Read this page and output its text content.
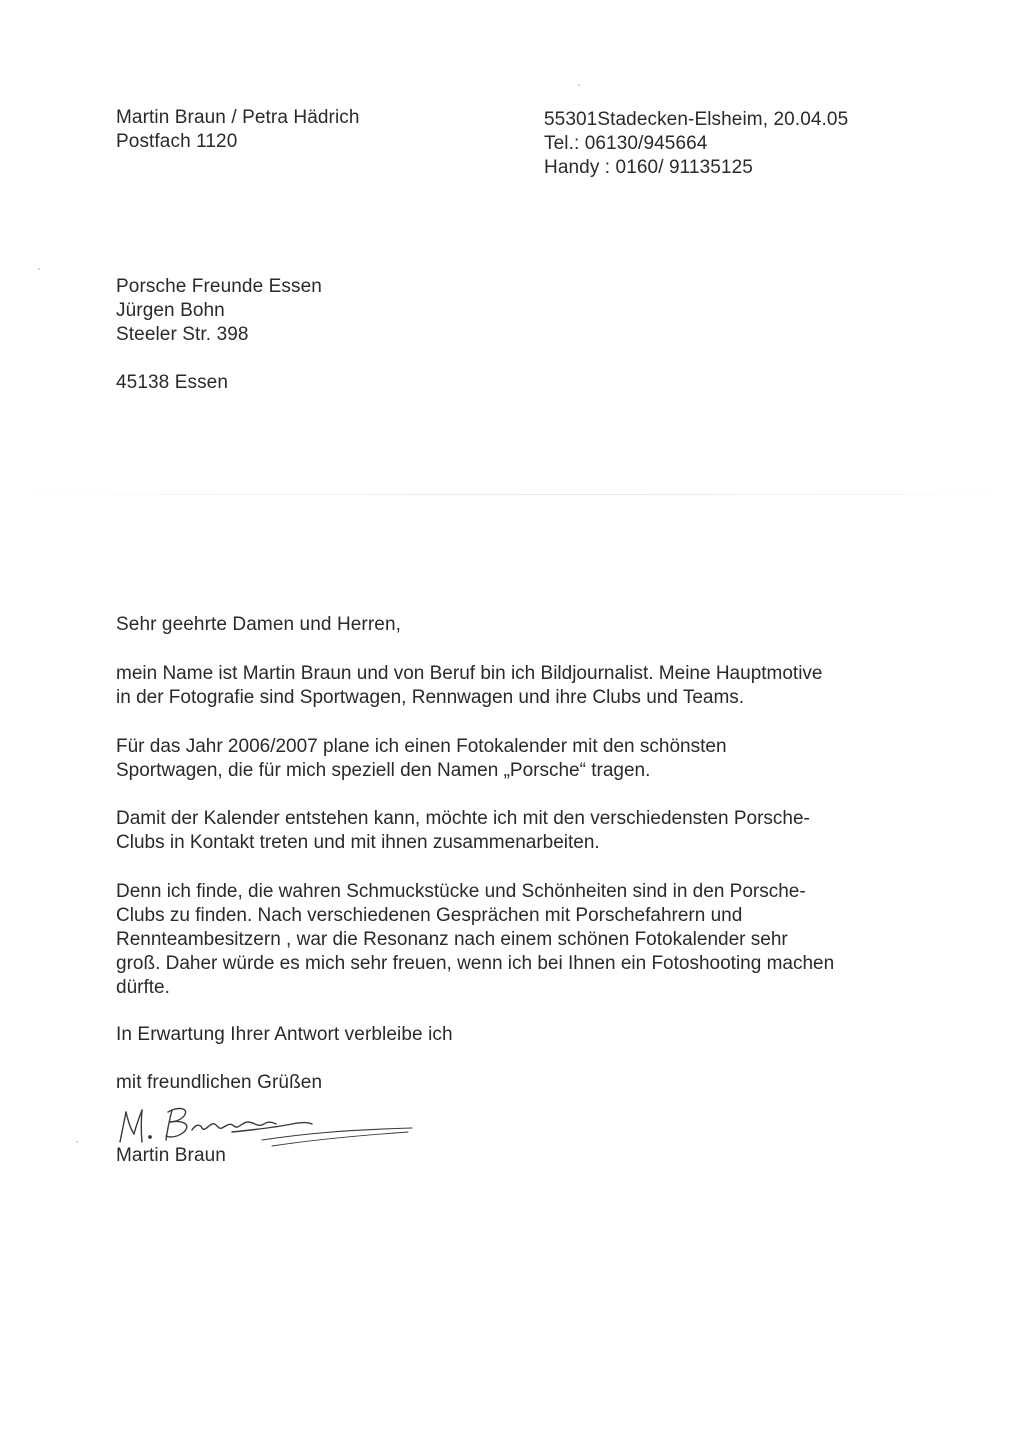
Martin Braun / Petra Hädrich
Postfach 1120
55301Stadecken-Elsheim, 20.04.05
Tel.: 06130/945664
Handy : 0160/ 91135125
Porsche Freunde Essen
Jürgen Bohn
Steeler Str. 398
45138 Essen
Sehr geehrte Damen und Herren,
mein Name ist Martin Braun und von Beruf bin ich Bildjournalist. Meine Hauptmotive
in der Fotografie sind Sportwagen, Rennwagen und ihre Clubs und Teams.
Für das Jahr 2006/2007 plane ich einen Fotokalender mit den schönsten
Sportwagen, die für mich speziell den Namen „Porsche“ tragen.
Damit der Kalender entstehen kann, möchte ich mit den verschiedensten Porsche-
Clubs in Kontakt treten und mit ihnen zusammenarbeiten.
Denn ich finde, die wahren Schmuckstücke und Schönheiten sind in den Porsche-
Clubs zu finden. Nach verschiedenen Gesprächen mit Porschefahrern und
Rennteambesitzern , war die Resonanz nach einem schönen Fotokalender sehr
groß. Daher würde es mich sehr freuen, wenn ich bei Ihnen ein Fotoshooting machen
dürfte.
In Erwartung Ihrer Antwort verbleibe ich
mit freundlichen Grüßen
Martin Braun
